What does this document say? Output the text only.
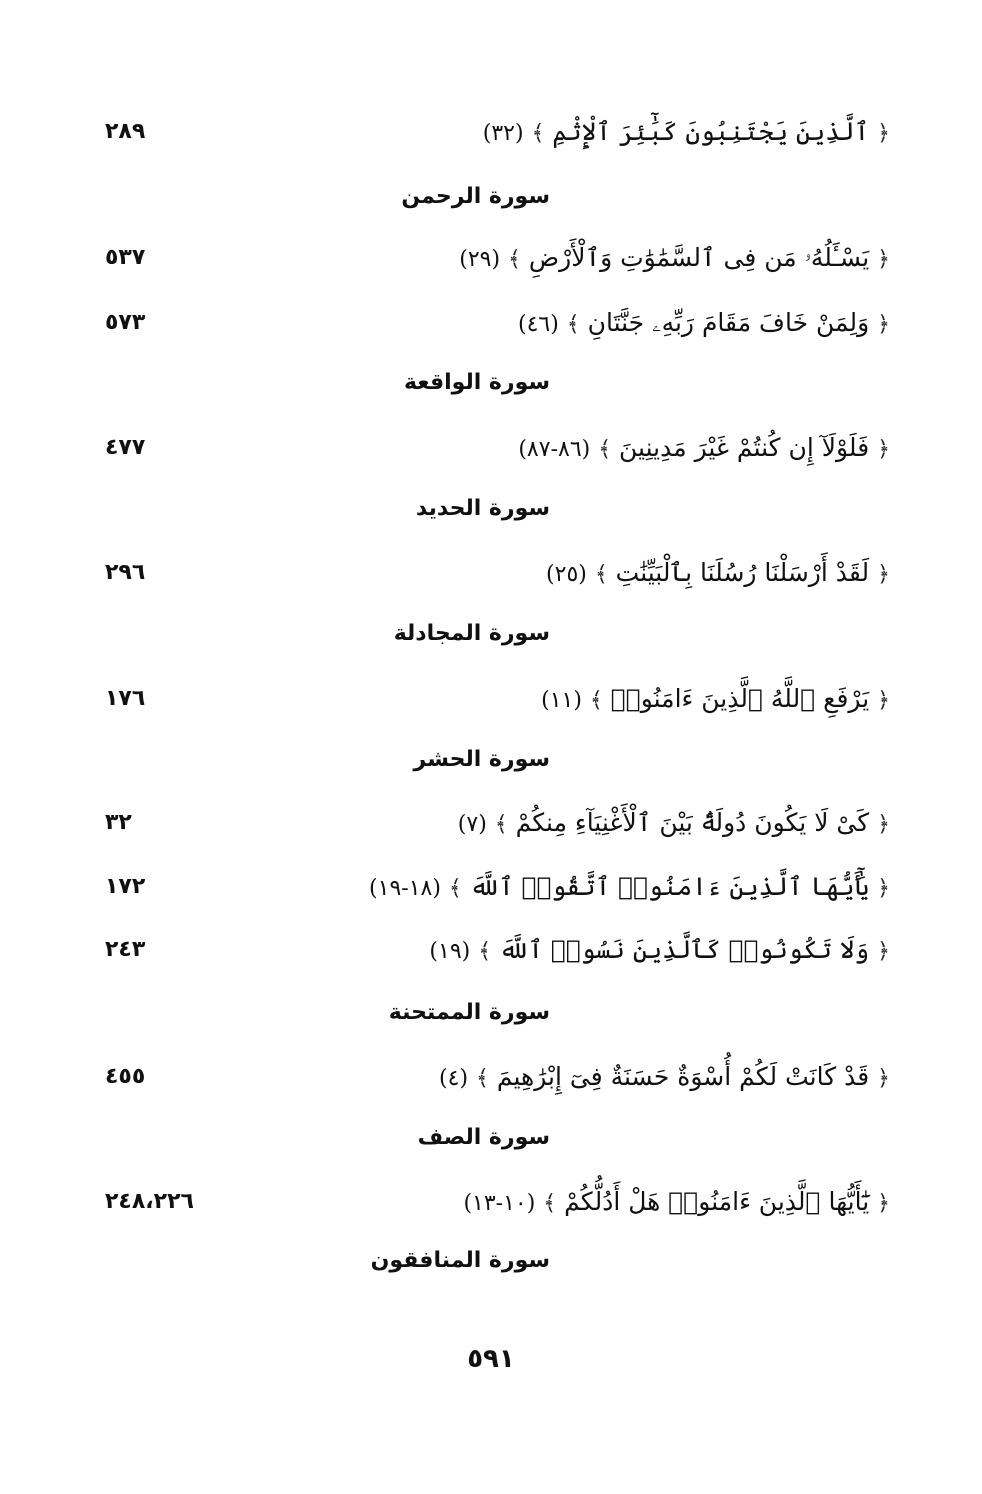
﴿ ٱلَّذِينَ يَجْتَنِبُونَ كَبَٰٓئِرَ ٱلْإِثْمِ ﴾ (٣٢)
٢٨٩
سورة الرحمن
﴿ يَسْـَٔلُهُۥ مَن فِى ٱلسَّمَٰوَٰتِ وَٱلْأَرْضِ ﴾ (٢٩)
٥٣٧
﴿ وَلِمَنْ خَافَ مَقَامَ رَبِّهِۦ جَنَّتَانِ ﴾ (٤٦)
٥٧٣
سورة الواقعة
﴿ فَلَوْلَآ إِن كُنتُمْ غَيْرَ مَدِينِينَ ﴾ (٨٦-٨٧)
٤٧٧
سورة الحديد
﴿ لَقَدْ أَرْسَلْنَا رُسُلَنَا بِٱلْبَيِّنَٰتِ ﴾ (٢٥)
٢٩٦
سورة المجادلة
﴿ يَرْفَعِ ٱللَّهُ ٱلَّذِينَ ءَامَنُوا۟ ﴾ (١١)
١٧٦
سورة الحشر
﴿ كَىْ لَا يَكُونَ دُولَةًۢ بَيْنَ ٱلْأَغْنِيَآءِ مِنكُمْ ﴾ (٧)
٣٢
﴿ يَٰٓأَيُّهَا ٱلَّذِينَ ءَامَنُوا۟ ٱتَّقُوا۟ ٱللَّهَ ﴾ (١٨-١٩)
١٧٢
﴿ وَلَا تَكُونُوا۟ كَٱلَّذِينَ نَسُوا۟ ٱللَّهَ ﴾ (١٩)
٢٤٣
سورة الممتحنة
﴿ قَدْ كَانَتْ لَكُمْ أُسْوَةٌ حَسَنَةٌ فِىٓ إِبْرَٰهِيمَ ﴾ (٤)
٤٥٥
سورة الصف
﴿ يَٰٓأَيُّهَا ٱلَّذِينَ ءَامَنُوا۟ هَلْ أَدُلُّكُمْ ﴾ (١٠-١٣)
٢٤٨،٢٢٦
سورة المنافقون
٥٩١
